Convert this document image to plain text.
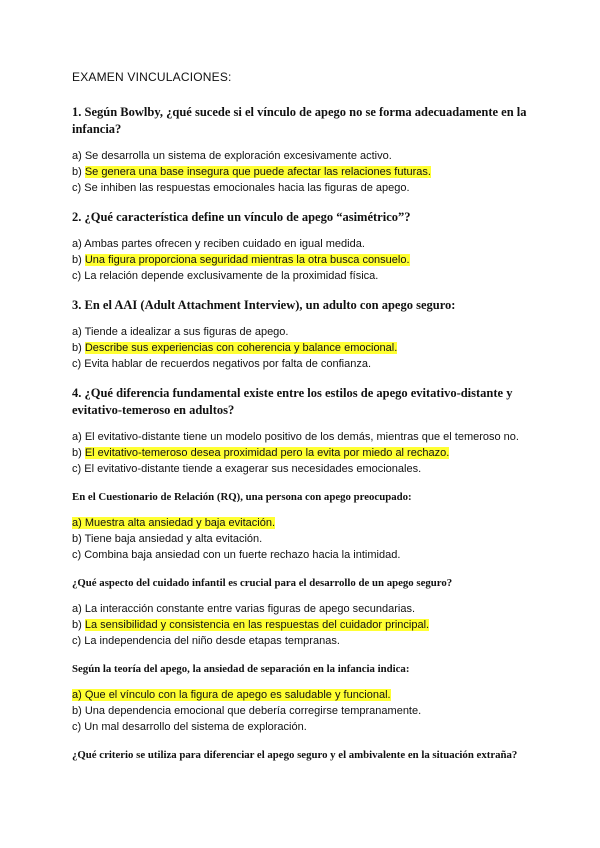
EXAMEN VINCULACIONES:
1. Según Bowlby, ¿qué sucede si el vínculo de apego no se forma adecuadamente en la infancia?
a) Se desarrolla un sistema de exploración excesivamente activo.
b) Se genera una base insegura que puede afectar las relaciones futuras.
c) Se inhiben las respuestas emocionales hacia las figuras de apego.
2. ¿Qué característica define un vínculo de apego “asimétrico”?
a) Ambas partes ofrecen y reciben cuidado en igual medida.
b) Una figura proporciona seguridad mientras la otra busca consuelo.
c) La relación depende exclusivamente de la proximidad física.
3. En el AAI (Adult Attachment Interview), un adulto con apego seguro:
a) Tiende a idealizar a sus figuras de apego.
b) Describe sus experiencias con coherencia y balance emocional.
c) Evita hablar de recuerdos negativos por falta de confianza.
4. ¿Qué diferencia fundamental existe entre los estilos de apego evitativo-distante y evitativo-temeroso en adultos?
a) El evitativo-distante tiene un modelo positivo de los demás, mientras que el temeroso no.
b) El evitativo-temeroso desea proximidad pero la evita por miedo al rechazo.
c) El evitativo-distante tiende a exagerar sus necesidades emocionales.
En el Cuestionario de Relación (RQ), una persona con apego preocupado:
a) Muestra alta ansiedad y baja evitación.
b) Tiene baja ansiedad y alta evitación.
c) Combina baja ansiedad con un fuerte rechazo hacia la intimidad.
¿Qué aspecto del cuidado infantil es crucial para el desarrollo de un apego seguro?
a) La interacción constante entre varias figuras de apego secundarias.
b) La sensibilidad y consistencia en las respuestas del cuidador principal.
c) La independencia del niño desde etapas tempranas.
Según la teoría del apego, la ansiedad de separación en la infancia indica:
a) Que el vínculo con la figura de apego es saludable y funcional.
b) Una dependencia emocional que debería corregirse tempranamente.
c) Un mal desarrollo del sistema de exploración.
¿Qué criterio se utiliza para diferenciar el apego seguro y el ambivalente en la situación extraña?
